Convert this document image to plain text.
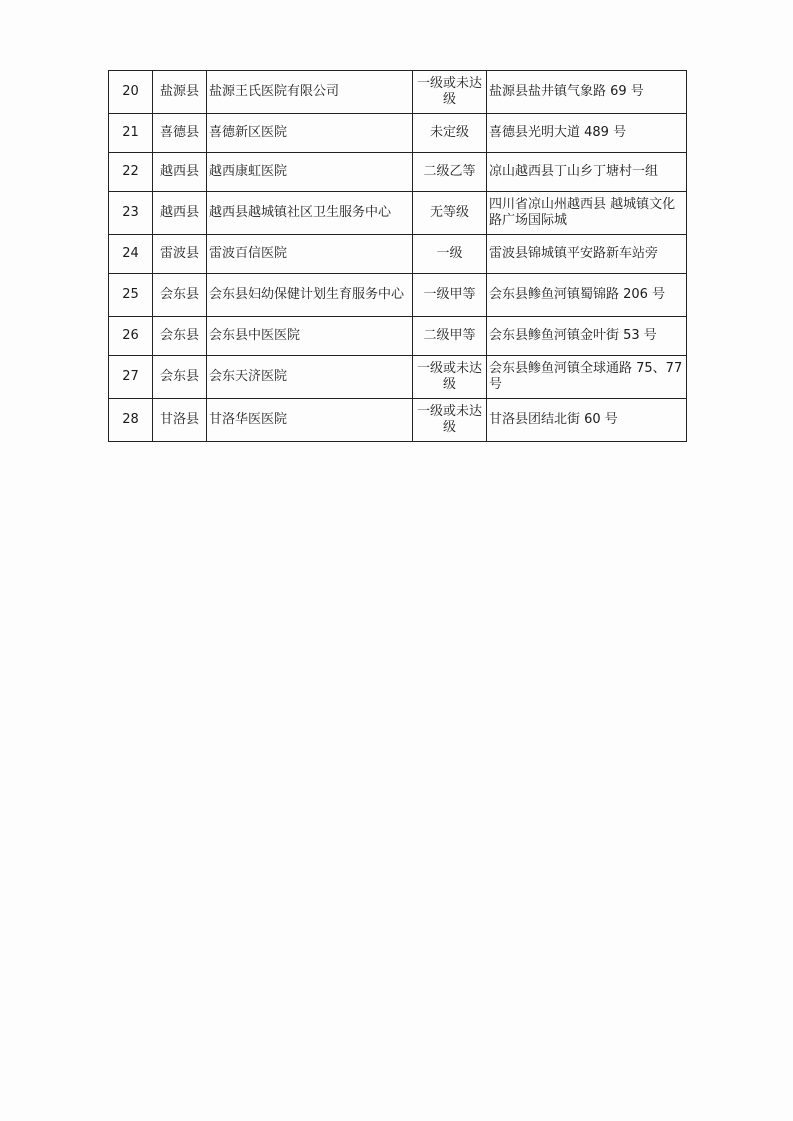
20	盐源县	盐源王氏医院有限公司	一级或未达级	盐源县盐井镇气象路 69 号
21	喜德县	喜德新区医院	未定级	喜德县光明大道 489 号
22	越西县	越西康虹医院	二级乙等	凉山越西县丁山乡丁塘村一组
23	越西县	越西县越城镇社区卫生服务中心	无等级	四川省凉山州越西县 越城镇文化路广场国际城
24	雷波县	雷波百信医院	一级	雷波县锦城镇平安路新车站旁
25	会东县	会东县妇幼保健计划生育服务中心	一级甲等	会东县鲹鱼河镇蜀锦路 206 号
26	会东县	会东县中医医院	二级甲等	会东县鲹鱼河镇金叶街 53 号
27	会东县	会东天济医院	一级或未达级	会东县鲹鱼河镇全球通路 75、77号
28	甘洛县	甘洛华医医院	一级或未达级	甘洛县团结北街 60 号
